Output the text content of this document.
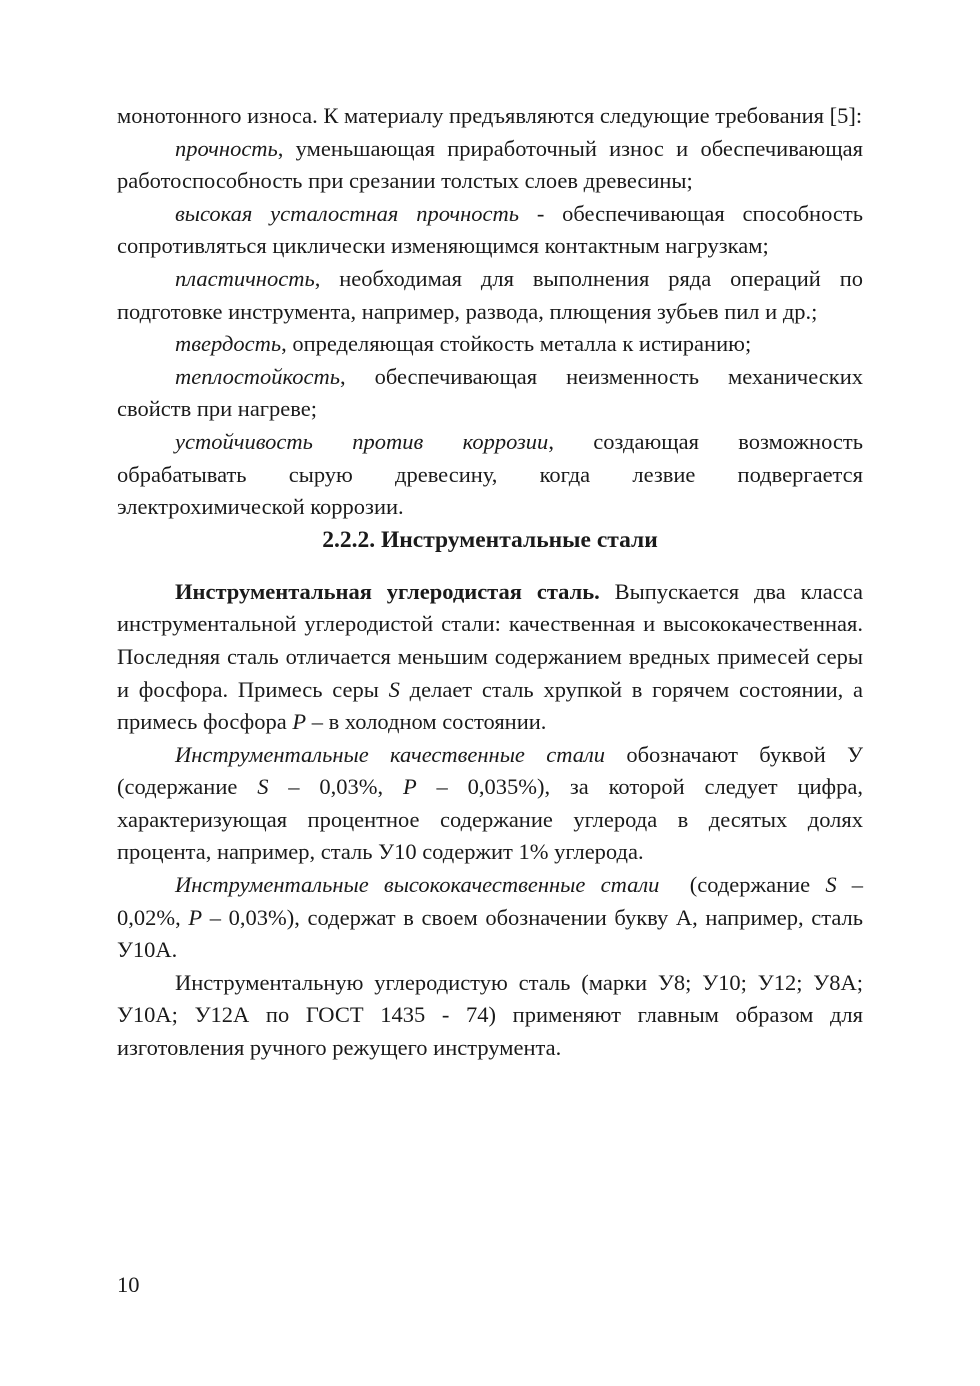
монотонного износа. К материалу предъявляются следующие требования [5]:

прочность, уменьшающая приработочный износ и обеспечивающая работоспособность при срезании толстых слоев древесины;

высокая усталостная прочность - обеспечивающая способность сопротивляться циклически изменяющимся контактным нагрузкам;

пластичность, необходимая для выполнения ряда операций по подготовке инструмента, например, развода, плющения зубьев пил и др.;

твердость, определяющая стойкость металла к истиранию;

теплостойкость, обеспечивающая неизменность механических свойств при нагреве;

устойчивость против коррозии, создающая возможность обрабатывать сырую древесину, когда лезвие подвергается электрохимической коррозии.

2.2.2. Инструментальные стали

Инструментальная углеродистая сталь. Выпускается два класса инструментальной углеродистой стали: качественная и высококачественная. Последняя сталь отличается меньшим содержанием вредных примесей серы и фосфора. Примесь серы S делает сталь хрупкой в горячем состоянии, а примесь фосфора P – в холодном состоянии.

Инструментальные качественные стали обозначают буквой У (содержание S – 0,03%, P – 0,035%), за которой следует цифра, характеризующая процентное содержание углерода в десятых долях процента, например, сталь У10 содержит 1% углерода.

Инструментальные высококачественные стали  (содержание S – 0,02%, P – 0,03%), содержат в своем обозначении букву А, например, сталь У10А.

Инструментальную углеродистую сталь (марки У8; У10; У12; У8А; У10А; У12А по ГОСТ 1435 - 74) применяют главным образом для изготовления ручного режущего инструмента.

10
